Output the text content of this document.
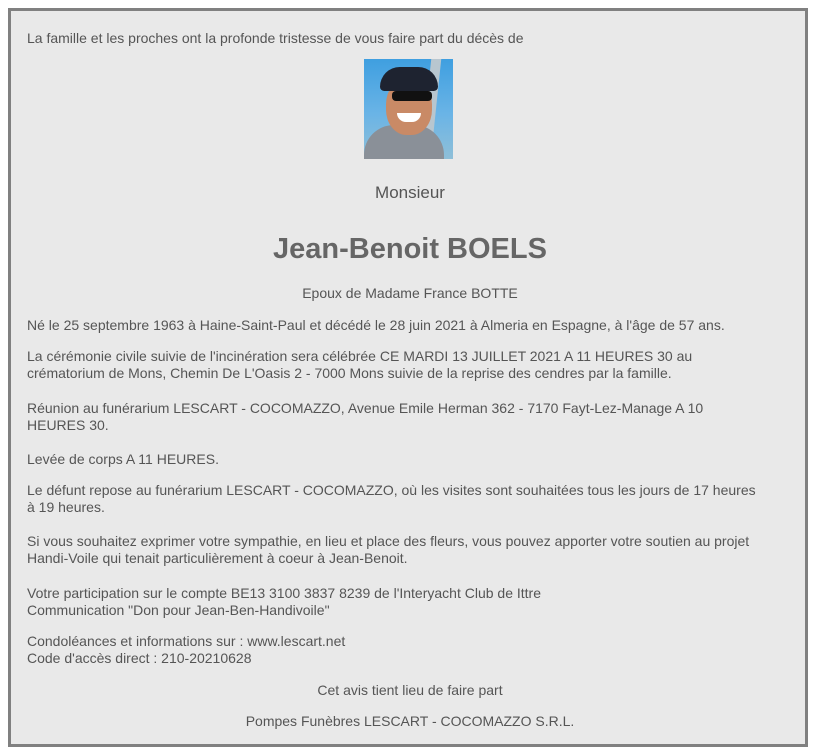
La famille et les proches ont la profonde tristesse de vous faire part du décès de
Monsieur
Jean-Benoit BOELS
Epoux de Madame France BOTTE
Né le 25 septembre 1963 à Haine-Saint-Paul et décédé le 28 juin 2021 à Almeria en Espagne, à l'âge de 57 ans.
La cérémonie civile suivie de l'incinération sera célébrée CE MARDI 13 JUILLET 2021 A 11 HEURES 30 au
crématorium de Mons, Chemin De L'Oasis 2 - 7000 Mons suivie de la reprise des cendres par la famille.
Réunion au funérarium LESCART - COCOMAZZO, Avenue Emile Herman 362 - 7170 Fayt-Lez-Manage A 10
HEURES 30.
Levée de corps A 11 HEURES.
Le défunt repose au funérarium LESCART - COCOMAZZO, où les visites sont souhaitées tous les jours de 17 heures
à 19 heures.
Si vous souhaitez exprimer votre sympathie, en lieu et place des fleurs, vous pouvez apporter votre soutien au projet
Handi-Voile qui tenait particulièrement à coeur à Jean-Benoit.
Votre participation sur le compte BE13 3100 3837 8239 de l'Interyacht Club de Ittre
Communication "Don pour Jean-Ben-Handivoile"
Condoléances et informations sur : www.lescart.net
Code d'accès direct : 210-20210628
Cet avis tient lieu de faire part
Pompes Funèbres LESCART - COCOMAZZO S.R.L.
